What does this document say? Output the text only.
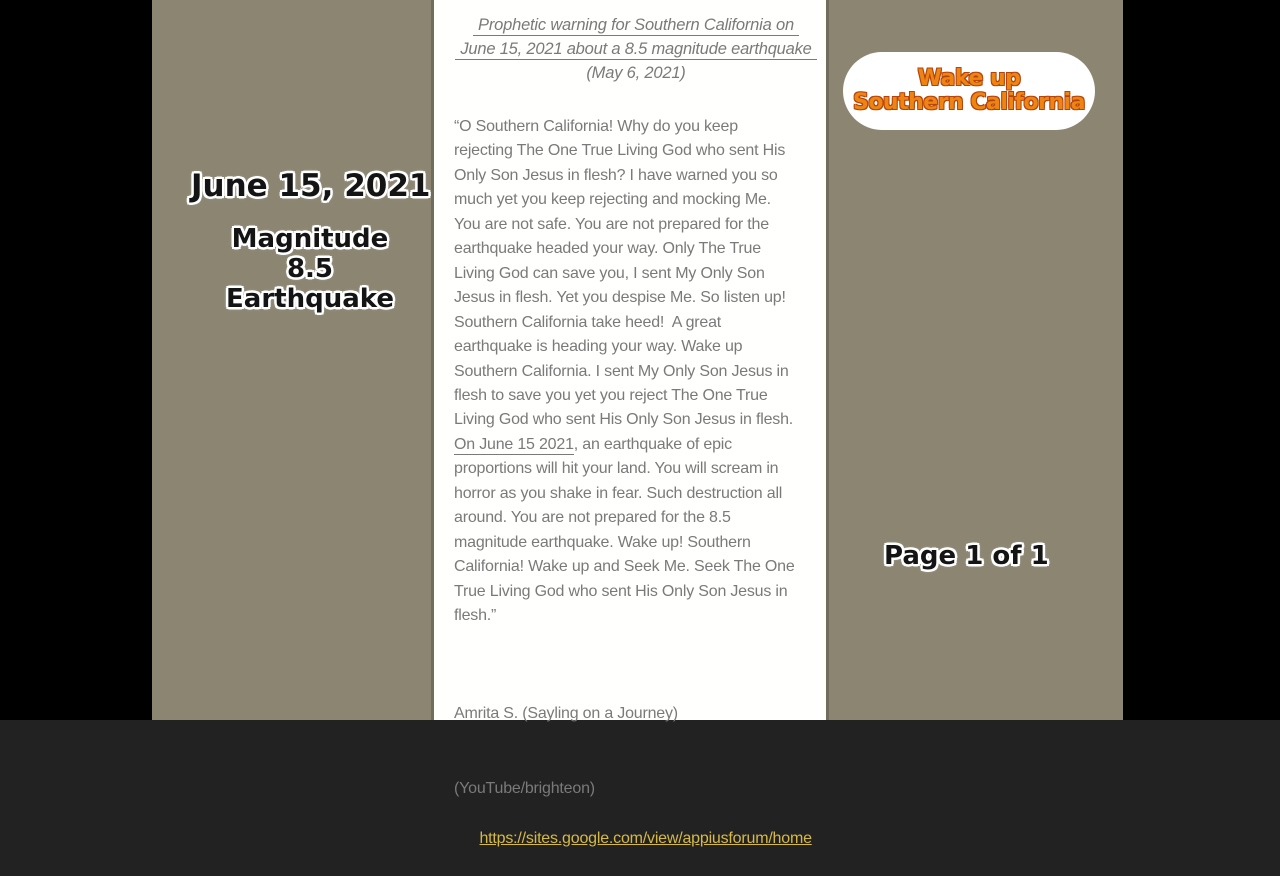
June 15, 2021
Magnitude 8.5
Earthquake
Page 1 of 1
Wake up
Southern California
Prophetic warning for Southern California on
June 15, 2021 about a 8.5 magnitude earthquake
(May 6, 2021)
“O Southern California! Why do you keep
rejecting The One True Living God who sent His
Only Son Jesus in flesh? I have warned you so
much yet you keep rejecting and mocking Me.
You are not safe. You are not prepared for the
earthquake headed your way. Only The True
Living God can save you, I sent My Only Son
Jesus in flesh. Yet you despise Me. So listen up!
Southern California take heed!  A great
earthquake is heading your way. Wake up
Southern California. I sent My Only Son Jesus in
flesh to save you yet you reject The One True
Living God who sent His Only Son Jesus in flesh.
On June 15 2021, an earthquake of epic
proportions will hit your land. You will scream in
horror as you shake in fear. Such destruction all
around. You are not prepared for the 8.5
magnitude earthquake. Wake up! Southern
California! Wake up and Seek Me. Seek The One
True Living God who sent His Only Son Jesus in
flesh.”

Amrita S. (Sayling on a Journey)

(YouTube/brighteon)

https://sites.google.com/view/appiusforum/home
